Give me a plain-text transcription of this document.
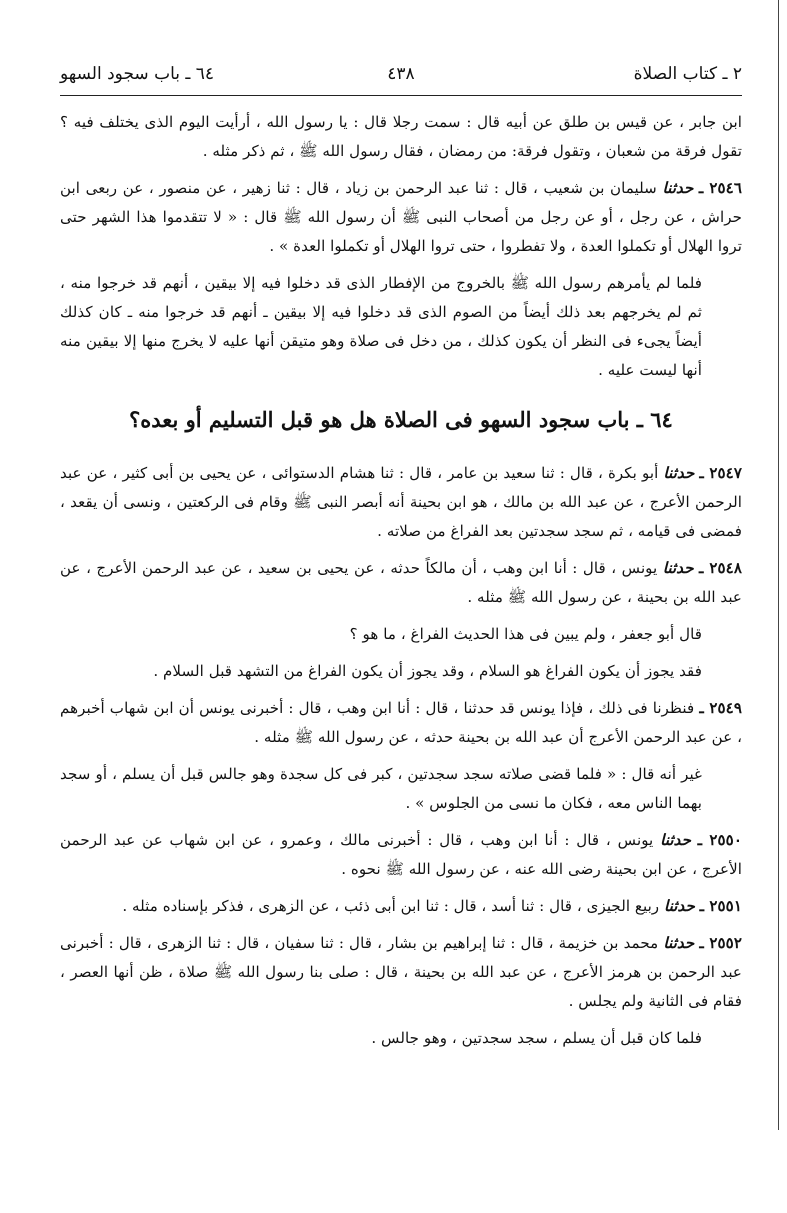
٢ ـ كتاب الصلاة
٤٣٨
٦٤ ـ باب سجود السهو

ابن جابر ، عن قيس بن طلق عن أبيه قال : سمت رجلا قال : يا رسول الله ، أرأيت اليوم الذى يختلف فيه ؟ تقول فرقة من شعبان ، وتقول فرقة: من رمضان ، فقال رسول الله ﷺ ، ثم ذكر مثله .

٢٥٤٦ ـ حدثنا سليمان بن شعيب ، قال : ثنا عبد الرحمن بن زياد ، قال : ثنا زهير ، عن منصور ، عن ربعى ابن حراش ، عن رجل ، أو عن رجل من أصحاب النبى ﷺ أن رسول الله ﷺ قال : « لا تتقدموا هذا الشهر حتى تروا الهلال أو تكملوا العدة ، ولا تفطروا ، حتى تروا الهلال أو تكملوا العدة » .

فلما لم يأمرهم رسول الله ﷺ بالخروج من الإفطار الذى قد دخلوا فيه إلا بيقين ، أنهم قد خرجوا منه ، ثم لم يخرجهم بعد ذلك أيضاً من الصوم الذى قد دخلوا فيه إلا بيقين ـ أنهم قد خرجوا منه ـ كان كذلك أيضاً يجىء فى النظر أن يكون كذلك ، من دخل فى صلاة وهو متيقن أنها عليه لا يخرج منها إلا بيقين منه أنها ليست عليه .

٦٤ ـ باب سجود السهو فى الصلاة هل هو قبل التسليم أو بعده؟

٢٥٤٧ ـ حدثنا أبو بكرة ، قال : ثنا سعيد بن عامر ، قال : ثنا هشام الدستوائى ، عن يحيى بن أبى كثير ، عن عبد الرحمن الأعرج ، عن عبد الله بن مالك ، هو ابن بحينة أنه أبصر النبى ﷺ وقام فى الركعتين ، ونسى أن يقعد ، فمضى فى قيامه ، ثم سجد سجدتين بعد الفراغ من صلاته .

٢٥٤٨ ـ حدثنا يونس ، قال : أنا ابن وهب ، أن مالكاً حدثه ، عن يحيى بن سعيد ، عن عبد الرحمن الأعرج ، عن عبد الله بن بحينة ، عن رسول الله ﷺ مثله .

قال أبو جعفر ، ولم يبين فى هذا الحديث الفراغ ، ما هو ؟

فقد يجوز أن يكون الفراغ هو السلام ، وقد يجوز أن يكون الفراغ من التشهد قبل السلام .

٢٥٤٩ ـ فنظرنا فى ذلك ، فإذا يونس قد حدثنا ، قال : أنا ابن وهب ، قال : أخبرنى يونس أن ابن شهاب أخبرهم ، عن عبد الرحمن الأعرج أن عبد الله بن بحينة حدثه ، عن رسول الله ﷺ مثله .

غير أنه قال : « فلما قضى صلاته سجد سجدتين ، كبر فى كل سجدة وهو جالس قبل أن يسلم ، أو سجد بهما الناس معه ، فكان ما نسى من الجلوس » .

٢٥٥٠ ـ حدثنا يونس ، قال : أنا ابن وهب ، قال : أخبرنى مالك ، وعمرو ، عن ابن شهاب عن عبد الرحمن الأعرج ، عن ابن بحينة رضى الله عنه ، عن رسول الله ﷺ نحوه .

٢٥٥١ ـ حدثنا ربيع الجيزى ، قال : ثنا أسد ، قال : ثنا ابن أبى ذئب ، عن الزهرى ، فذكر بإسناده مثله .

٢٥٥٢ ـ حدثنا محمد بن خزيمة ، قال : ثنا إبراهيم بن بشار ، قال : ثنا سفيان ، قال : ثنا الزهرى ، قال : أخبرنى عبد الرحمن بن هرمز الأعرج ، عن عبد الله بن بحينة ، قال : صلى بنا رسول الله ﷺ صلاة ، ظن أنها العصر ، فقام فى الثانية ولم يجلس .

فلما كان قبل أن يسلم ، سجد سجدتين ، وهو جالس .
